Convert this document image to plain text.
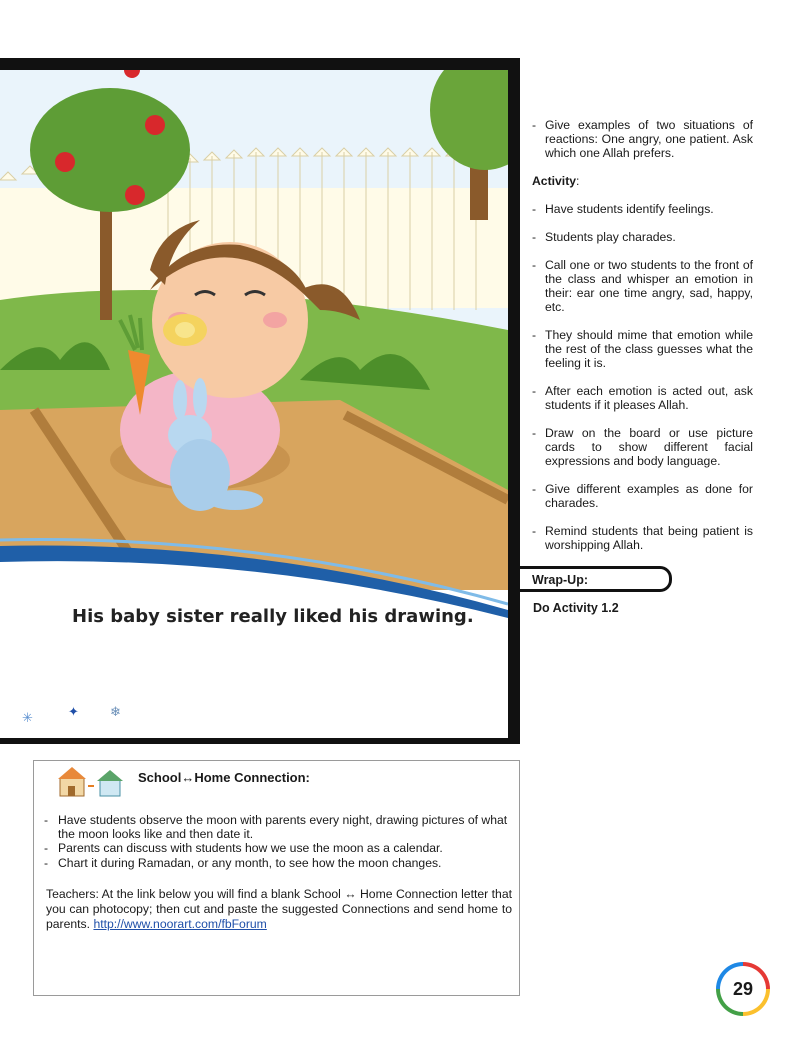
His baby sister really liked his drawing.
✳	✦ ❄
- Give examples of two situations of reactions: One angry, one patient. Ask which one Allah prefers.
Activity:
- Have students identify feelings.
- Students play charades.
- Call one or two students to the front of the class and whisper an emotion in their: ear one time angry, sad, happy, etc.
- They should mime that emotion while the rest of the class guesses what the feeling it is.
- After each emotion is acted out, ask students if it pleases Allah.
- Draw on the board or use picture cards to show different facial expressions and body language.
- Give different examples as done for charades.
- Remind students that being patient is worshipping Allah.
Wrap-Up:
Do Activity 1.2
School↔Home Connection:
- Have students observe the moon with parents every night, drawing pictures of what the moon looks like and then date it.
- Parents can discuss with students how we use the moon as a calendar.
- Chart it during Ramadan, or any month, to see how the moon changes.
Teachers: At the link below you will find a blank School ↔ Home Connection letter that you can photocopy; then cut and paste the suggested Connections and send home to parents. http://www.noorart.com/fbForum
29
